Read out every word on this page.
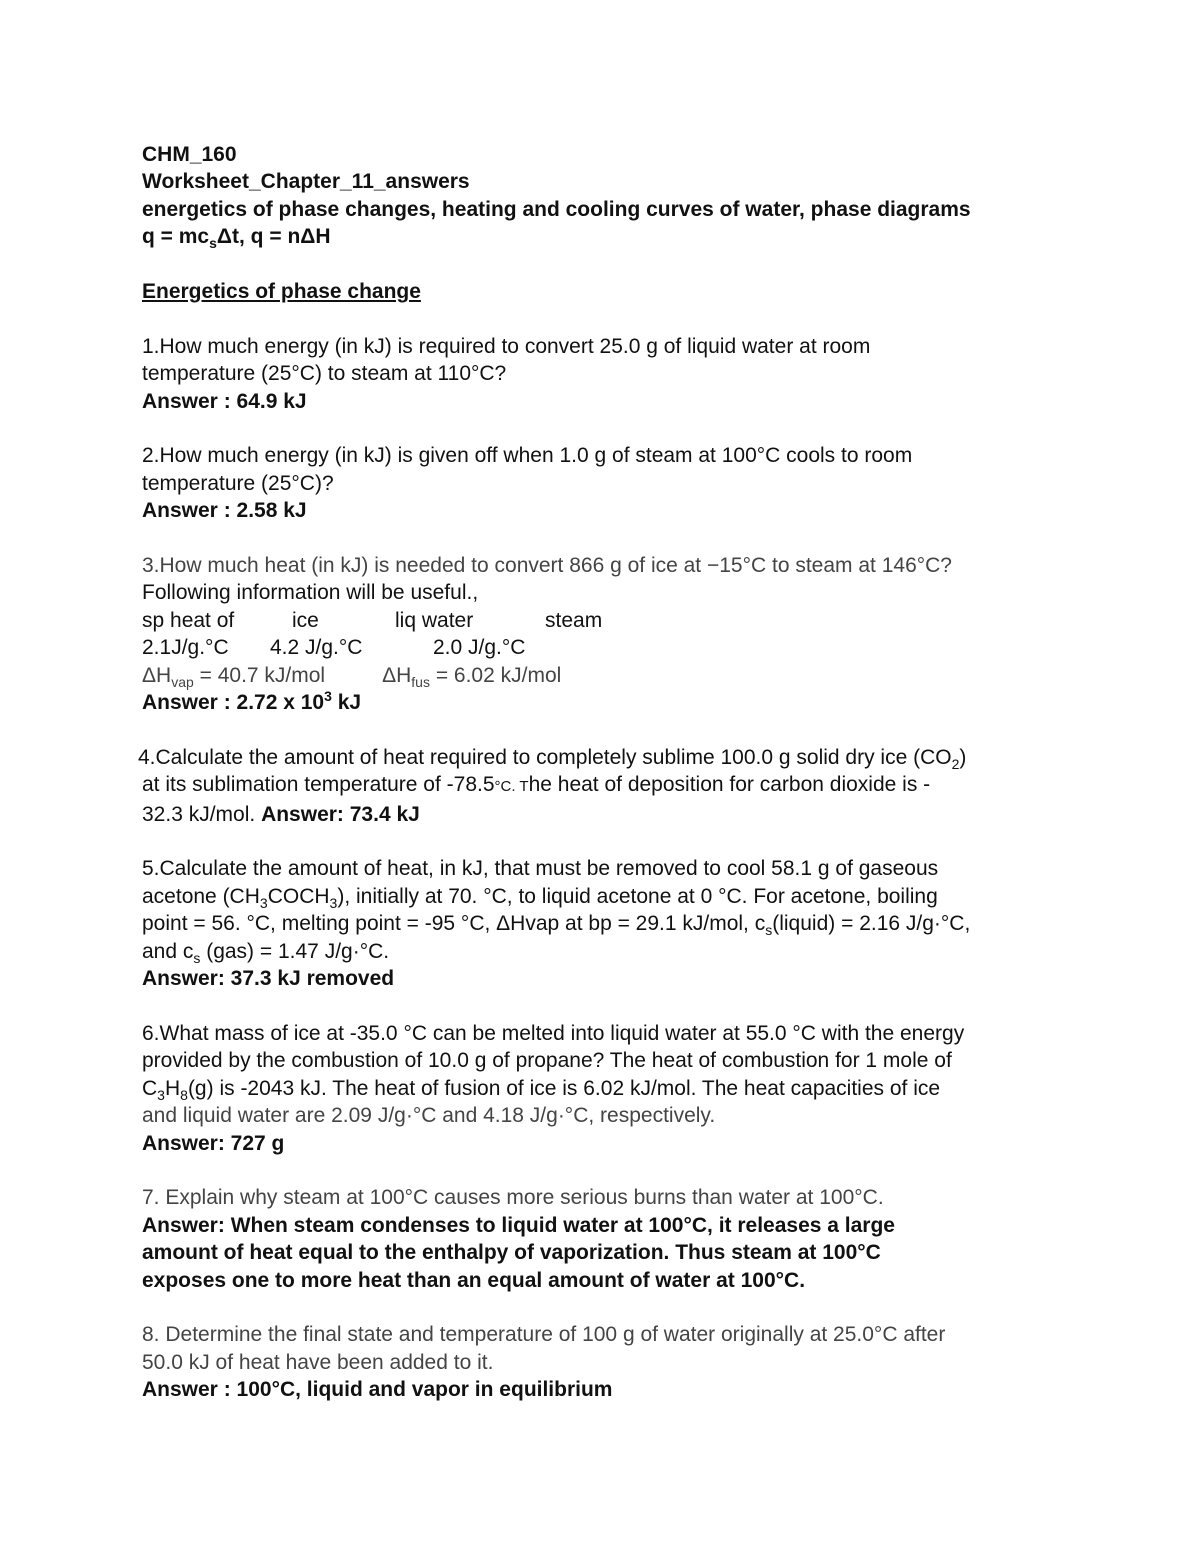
CHM_160
Worksheet_Chapter_11_answers
energetics of phase changes, heating and cooling curves of water, phase diagrams
$q = mc_s\Delta t$, q = nΔH
Energetics of phase change
1.How much energy (in kJ) is required to convert 25.0 g of liquid water at room
temperature (25°C) to steam at 110°C?
Answer : 64.9 kJ
2.How much energy (in kJ) is given off when 1.0 g of steam at 100°C cools to room
temperature (25°C)?
Answer : 2.58 kJ
3.How much heat (in kJ) is needed to convert 866 g of ice at −15°C to steam at 146°C?
Following information will be useful.,
sp heat of	ice	liq water	steam
2.1J/g.°C	4.2 J/g.°C	2.0 J/g.°C
$\Delta H_{vap} = 40.7$ kJ/mol	$\Delta H_{fus} = 6.02$ kJ/mol
Answer : 2.72 x $10^3$ kJ
4.Calculate the amount of heat required to completely sublime 100.0 g solid dry ice $(CO_2)$
at its sublimation temperature of -78.5°C. The heat of deposition for carbon dioxide is -
32.3 kJ/mol. Answer: 73.4 kJ
5.Calculate the amount of heat, in kJ, that must be removed to cool 58.1 g of gaseous
acetone $(CH_3COCH_3)$, initially at 70. °C, to liquid acetone at 0 °C. For acetone, boiling
point = 56. °C, melting point = -95 °C, ΔHvap at bp = 29.1 kJ/mol, $c_s(liquid) = 2.16$ J/g·°C,
and $c_s$ (gas) = 1.47 J/g·°C.
Answer: 37.3 kJ removed
6.What mass of ice at -35.0 °C can be melted into liquid water at 55.0 °C with the energy
provided by the combustion of 10.0 g of propane? The heat of combustion for 1 mole of
$C_3H_8(g)$ is -2043 kJ. The heat of fusion of ice is 6.02 kJ/mol. The heat capacities of ice
and liquid water are 2.09 J/g·°C and 4.18 J/g·°C, respectively.
Answer: 727 g
7. Explain why steam at 100°C causes more serious burns than water at 100°C.
Answer: When steam condenses to liquid water at 100°C, it releases a large
amount of heat equal to the enthalpy of vaporization. Thus steam at 100°C
exposes one to more heat than an equal amount of water at 100°C.
8. Determine the final state and temperature of 100 g of water originally at 25.0°C after
50.0 kJ of heat have been added to it.
Answer : 100°C, liquid and vapor in equilibrium
